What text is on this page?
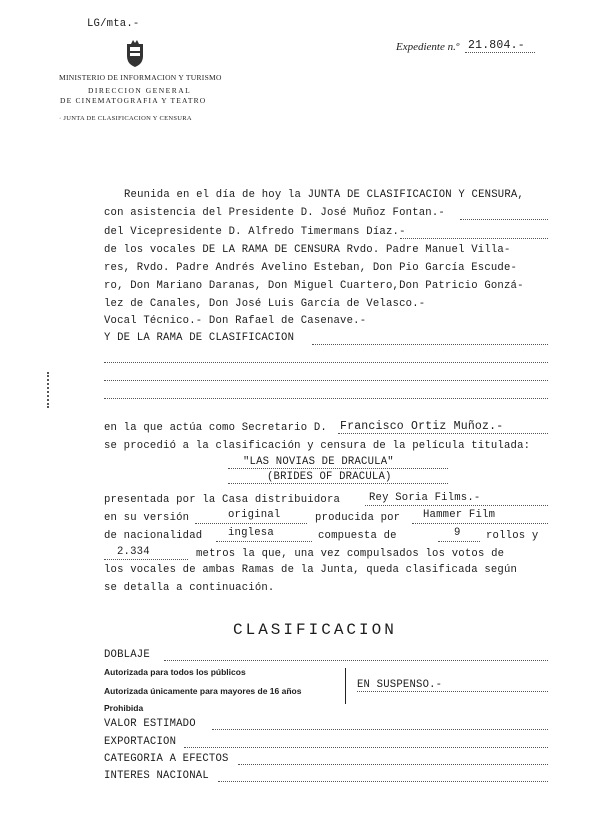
LG/mta.-
Expediente n.º 21.804.-
MINISTERIO DE INFORMACION Y TURISMO
DIRECCION GENERAL
DE CINEMATOGRAFIA Y TEATRO
· JUNTA DE CLASIFICACION Y CENSURA
Reunida en el día de hoy la JUNTA DE CLASIFICACION Y CENSURA,
con asistencia del Presidente D. José Muñoz Fontan.-
del Vicepresidente D. Alfredo Timermans Díaz.-
de los vocales DE LA RAMA DE CENSURA Rvdo. Padre Manuel Villa-
res, Rvdo. Padre Andrés Avelino Esteban, Don Pio García Escude-
ro, Don Mariano Daranas, Don Miguel Cuartero,Don Patricio Gonzá-
lez de Canales, Don José Luis García de Velasco.-
Vocal Técnico.- Don Rafael de Casenave.-
Y DE LA RAMA DE CLASIFICACION
en la que actúa como Secretario D. Francisco Ortiz Muñoz.-
se procedió a la clasificación y censura de la película titulada:
"LAS NOVIAS DE DRACULA"
(BRIDES OF DRACULA)
presentada por la Casa distribuidora	Rey Soria Films.-
en su versión	original	producida por Hammer Film
de nacionalidad inglesa	compuesta de	9 rollos y
2.334	metros la que, una vez compulsados los votos de
los vocales de ambas Ramas de la Junta, queda clasificada según
se detalla a continuación.
CLASIFICACION
DOBLAJE
Autorizada para todos los públicos
Autorizada únicamente para mayores de 16 años
Prohibida
EN SUSPENSO.-
VALOR ESTIMADO
EXPORTACION
CATEGORIA A EFECTOS
INTERES NACIONAL
